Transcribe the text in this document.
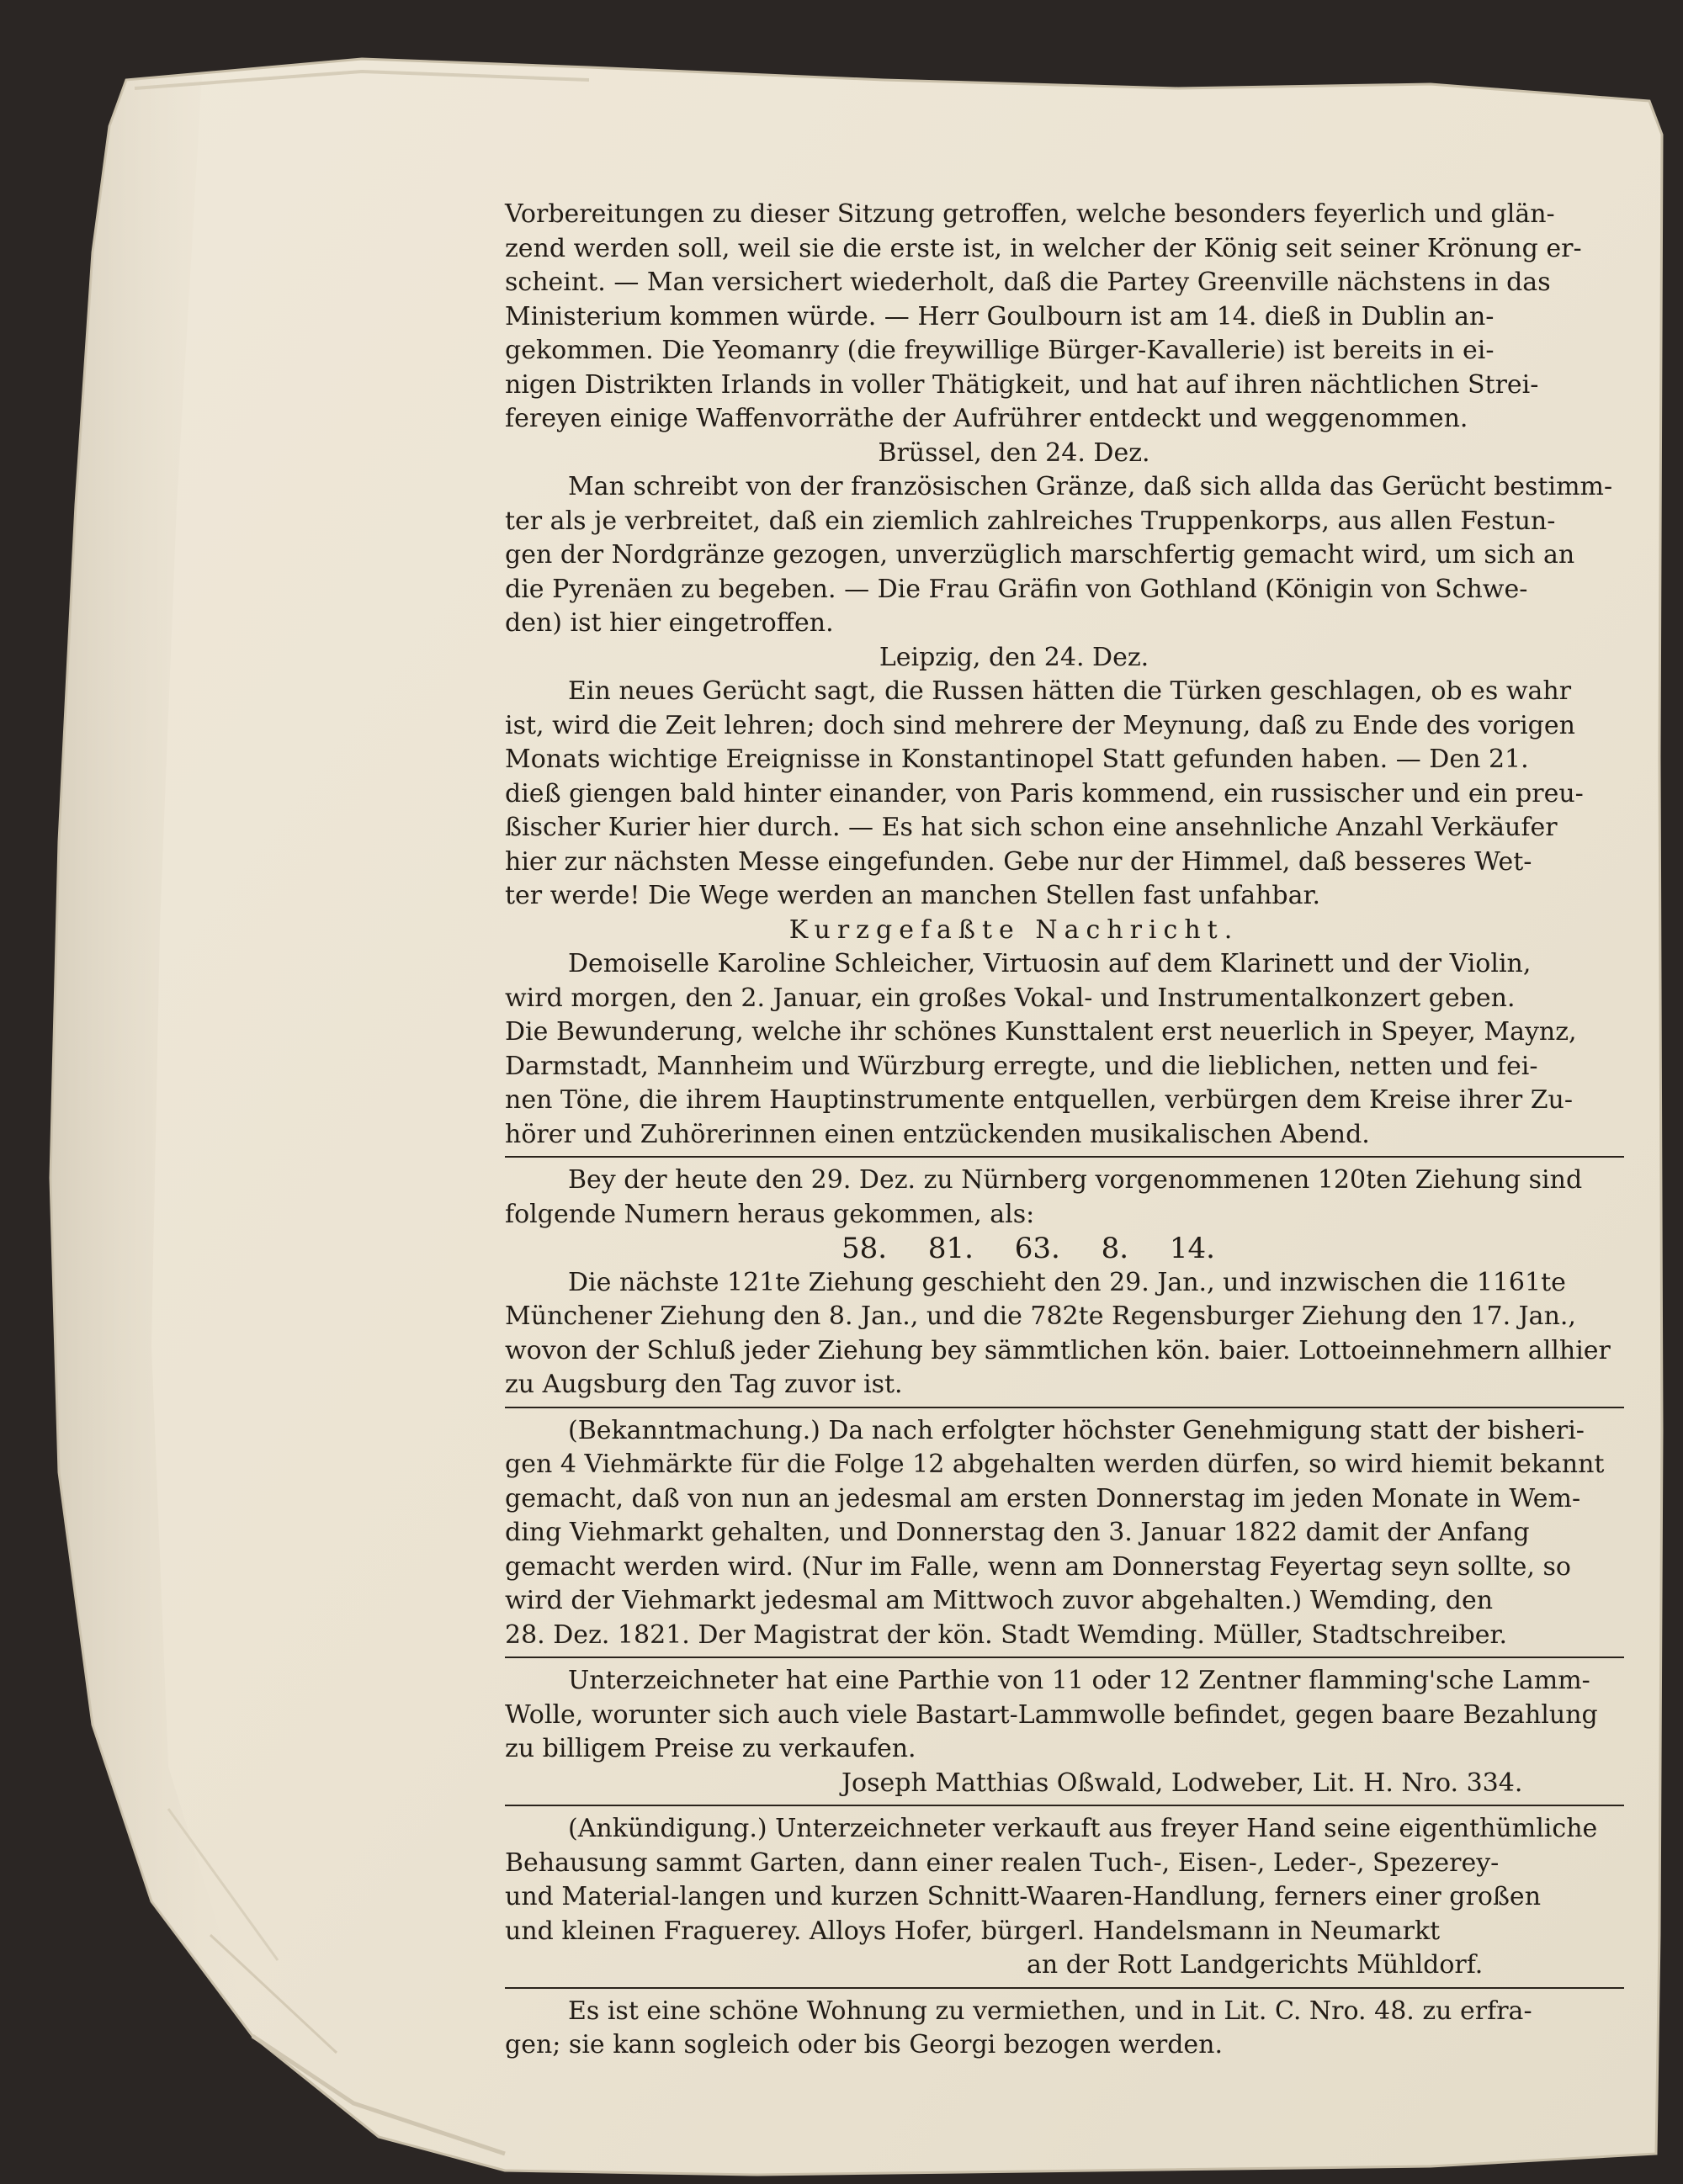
Vorbereitungen zu dieser Sitzung getroffen, welche besonders feyerlich und glän-
zend werden soll, weil sie die erste ist, in welcher der König seit seiner Krönung er-
scheint. — Man versichert wiederholt, daß die Partey Greenville nächstens in das
Ministerium kommen würde. — Herr Goulbourn ist am 14. dieß in Dublin an-
gekommen. Die Yeomanry (die freywillige Bürger-Kavallerie) ist bereits in ei-
nigen Distrikten Irlands in voller Thätigkeit, und hat auf ihren nächtlichen Strei-
fereyen einige Waffenvorräthe der Aufrührer entdeckt und weggenommen.
Brüssel, den 24. Dez.
Man schreibt von der französischen Gränze, daß sich allda das Gerücht bestimm-
ter als je verbreitet, daß ein ziemlich zahlreiches Truppenkorps, aus allen Festun-
gen der Nordgränze gezogen, unverzüglich marschfertig gemacht wird, um sich an
die Pyrenäen zu begeben. — Die Frau Gräfin von Gothland (Königin von Schwe-
den) ist hier eingetroffen.
Leipzig, den 24. Dez.
Ein neues Gerücht sagt, die Russen hätten die Türken geschlagen, ob es wahr
ist, wird die Zeit lehren; doch sind mehrere der Meynung, daß zu Ende des vorigen
Monats wichtige Ereignisse in Konstantinopel Statt gefunden haben. — Den 21.
dieß giengen bald hinter einander, von Paris kommend, ein russischer und ein preu-
ßischer Kurier hier durch. — Es hat sich schon eine ansehnliche Anzahl Verkäufer
hier zur nächsten Messe eingefunden. Gebe nur der Himmel, daß besseres Wet-
ter werde! Die Wege werden an manchen Stellen fast unfahbar.
Kurzgefaßte Nachricht.
Demoiselle Karoline Schleicher, Virtuosin auf dem Klarinett und der Violin,
wird morgen, den 2. Januar, ein großes Vokal- und Instrumentalkonzert geben.
Die Bewunderung, welche ihr schönes Kunsttalent erst neuerlich in Speyer, Maynz,
Darmstadt, Mannheim und Würzburg erregte, und die lieblichen, netten und fei-
nen Töne, die ihrem Hauptinstrumente entquellen, verbürgen dem Kreise ihrer Zu-
hörer und Zuhörerinnen einen entzückenden musikalischen Abend.
Bey der heute den 29. Dez. zu Nürnberg vorgenommenen 120ten Ziehung sind
folgende Numern heraus gekommen, als:
58. 81. 63. 8. 14.
Die nächste 121te Ziehung geschieht den 29. Jan., und inzwischen die 1161te
Münchener Ziehung den 8. Jan., und die 782te Regensburger Ziehung den 17. Jan.,
wovon der Schluß jeder Ziehung bey sämmtlichen kön. baier. Lottoeinnehmern allhier
zu Augsburg den Tag zuvor ist.
(Bekanntmachung.) Da nach erfolgter höchster Genehmigung statt der bisheri-
gen 4 Viehmärkte für die Folge 12 abgehalten werden dürfen, so wird hiemit bekannt
gemacht, daß von nun an jedesmal am ersten Donnerstag im jeden Monate in Wem-
ding Viehmarkt gehalten, und Donnerstag den 3. Januar 1822 damit der Anfang
gemacht werden wird. (Nur im Falle, wenn am Donnerstag Feyertag seyn sollte, so
wird der Viehmarkt jedesmal am Mittwoch zuvor abgehalten.) Wemding, den
28. Dez. 1821. Der Magistrat der kön. Stadt Wemding. Müller, Stadtschreiber.
Unterzeichneter hat eine Parthie von 11 oder 12 Zentner flamming'sche Lamm-
Wolle, worunter sich auch viele Bastart-Lammwolle befindet, gegen baare Bezahlung
zu billigem Preise zu verkaufen.
Joseph Matthias Oßwald, Lodweber, Lit. H. Nro. 334.
(Ankündigung.) Unterzeichneter verkauft aus freyer Hand seine eigenthümliche
Behausung sammt Garten, dann einer realen Tuch-, Eisen-, Leder-, Spezerey-
und Material-langen und kurzen Schnitt-Waaren-Handlung, ferners einer großen
und kleinen Fraguerey. Alloys Hofer, bürgerl. Handelsmann in Neumarkt
an der Rott Landgerichts Mühldorf.
Es ist eine schöne Wohnung zu vermiethen, und in Lit. C. Nro. 48. zu erfra-
gen; sie kann sogleich oder bis Georgi bezogen werden.
